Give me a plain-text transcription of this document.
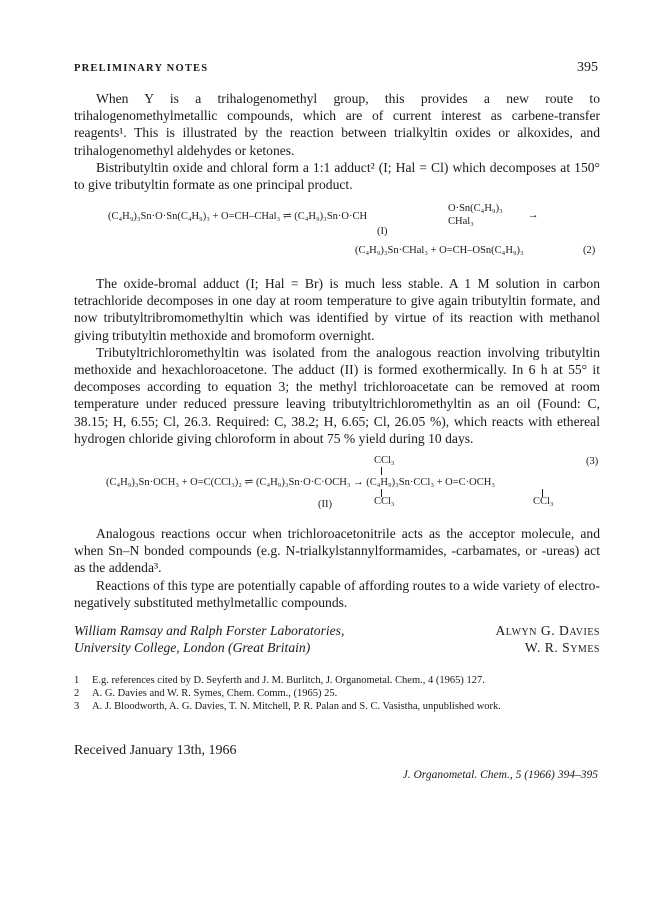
PRELIMINARY NOTES	395

When Y is a trihalogenomethyl group, this provides a new route to trihalogenomethylmetallic compounds, which are of current interest as carbene-transfer reagents¹. This is illustrated by the reaction between trialkyltin oxides or alkoxides, and trihalogenomethyl aldehydes or ketones.

Bistributyltin oxide and chloral form a 1:1 adduct² (I; Hal = Cl) which decomposes at 150° to give tributyltin formate as one principal product.

(C₄H₉)₃Sn·O·Sn(C₄H₉)₃ + O=CH–CHal₃ ⇌ (C₄H₉)₃Sn·O·CH
O·Sn(C₄H₉)₃
CHal₃
→
(I)
(C₄H₉)₃Sn·CHal₃ + O=CH–OSn(C₄H₉)₃	(2)

The oxide-bromal adduct (I; Hal = Br) is much less stable. A 1 M solution in carbon tetrachloride decomposes in one day at room temperature to give again tributyltin formate, and now tributyltribromomethyltin which was identified by virtue of its reaction with methanol giving tributyltin methoxide and bromoform overnight.

Tributyltrichloromethyltin was isolated from the analogous reaction involving tributyltin methoxide and hexachloroacetone. The adduct (II) is formed exothermically. In 6 h at 55° it decomposes according to equation 3; the methyl trichloroacetate can be removed at room temperature under reduced pressure leaving tributyltrichloromethyltin as an oil (Found: C, 38.15; H, 6.55; Cl, 26.3. Required: C, 38.2; H, 6.65; Cl, 26.05 %), which reacts with ethereal hydrogen chloride giving chloroform in about 75 % yield during 10 days.

CCl₃	(3)
(C₄H₉)₃Sn·OCH₃ + O=C(CCl₃)₂ ⇌ (C₄H₉)₃Sn·O·C·OCH₃ → (C₄H₉)₃Sn·CCl₃ + O=C·OCH₃
(II)	CCl₃	CCl₃

Analogous reactions occur when trichloroacetonitrile acts as the acceptor molecule, and when Sn–N bonded compounds (e.g. N-trialkylstannylformamides, -carbamates, or -ureas) act as the addenda³.

Reactions of this type are potentially capable of affording routes to a wide variety of electro-negatively substituted methylmetallic compounds.

William Ramsay and Ralph Forster Laboratories,
University College, London (Great Britain)
Alwyn G. Davies
W. R. Symes
1 E.g. references cited by D. Seyferth and J. M. Burlitch, J. Organometal. Chem., 4 (1965) 127.
2 A. G. Davies and W. R. Symes, Chem. Comm., (1965) 25.
3 A. J. Bloodworth, A. G. Davies, T. N. Mitchell, P. R. Palan and S. C. Vasistha, unpublished work.
Received January 13th, 1966
J. Organometal. Chem., 5 (1966) 394–395
